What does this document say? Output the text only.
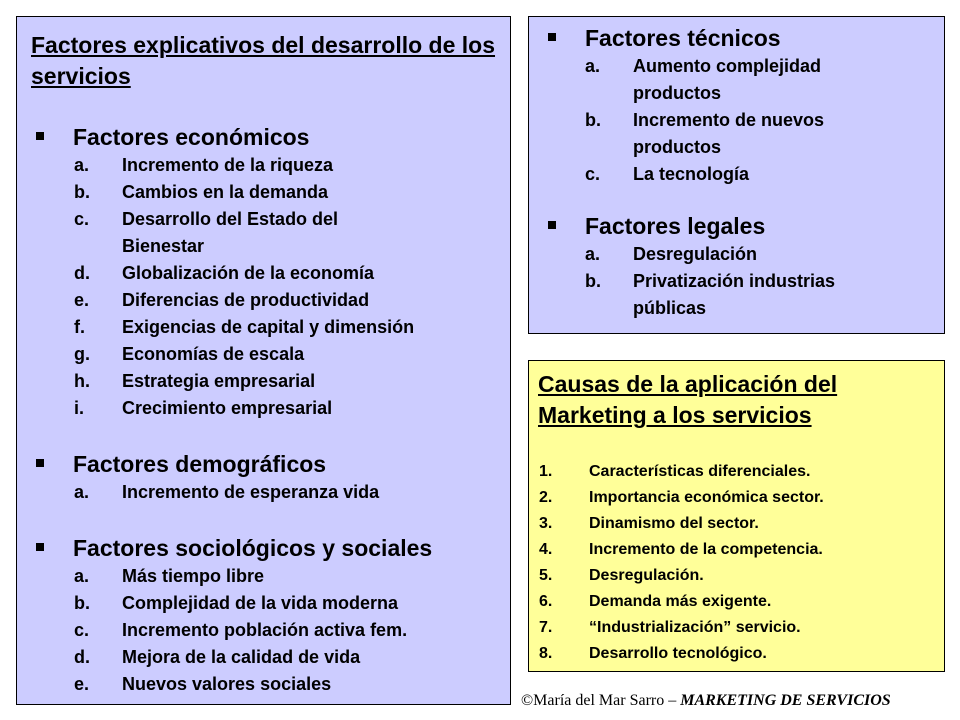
Factores explicativos del desarrollo de los servicios

Factores económicos
a.	Incremento de la riqueza
b.	Cambios en la demanda
c.	Desarrollo del Estado del Bienestar
d.	Globalización de la economía
e.	Diferencias de productividad
f.	Exigencias de capital y dimensión
g.	Economías de escala
h.	Estrategia empresarial
i.	Crecimiento empresarial
Factores demográficos
a.	Incremento de esperanza vida
Factores sociológicos y sociales
a.	Más tiempo libre
b.	Complejidad de la vida moderna
c.	Incremento población activa fem.
d.	Mejora de la calidad de vida
e.	Nuevos valores sociales
Factores técnicos
a.	Aumento complejidad productos
b.	Incremento de nuevos productos
c.	La tecnología
Factores legales
a.	Desregulación
b.	Privatización industrias públicas

Causas de la aplicación del Marketing a los servicios

1.	Características diferenciales.
2.	Importancia económica sector.
3.	Dinamismo del sector.
4.	Incremento de la competencia.
5.	Desregulación.
6.	Demanda más exigente.
7.	“Industrialización” servicio.
8.	Desarrollo tecnológico.
©María del Mar Sarro – MARKETING DE SERVICIOS
